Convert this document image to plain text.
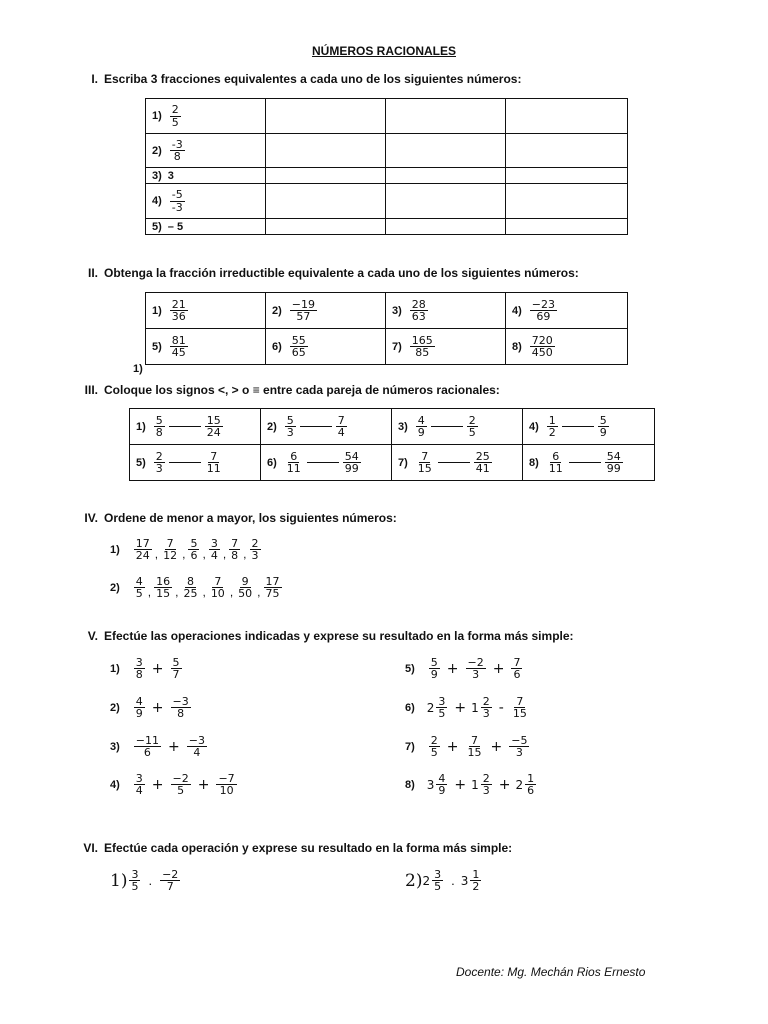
NÚMEROS RACIONALES
I. Escriba 3 fracciones equivalentes a cada uno de los siguientes números:
$1) \frac{2}{5}$

$2) \frac{-3}{8}$

3) 3			
$4) \frac{-5}{-3}$

5) – 5			
II. Obtenga la fracción irreductible equivalente a cada uno de los siguientes números:
$1) \frac{21}{36}$	$2) \frac{-19}{57}$	$3) \frac{28}{63}$	$4) \frac{-23}{69}$

$5) \frac{81}{45}$	$6) \frac{55}{65}$	$7) \frac{165}{85}$	$8) \frac{720}{450}$
1)
III. Coloque los signos <, > o ≡ entre cada pareja de números racionales:
$1) \frac{5}{8} \frac{15}{24}$	$2) \frac{5}{3} \frac{7}{4}$	$3) \frac{4}{9} \frac{2}{5}$	$4) \frac{1}{2} \frac{5}{9}$

$5) \frac{2}{3} \frac{7}{11}$	$6) \frac{6}{11} \frac{54}{99}$	$7) \frac{7}{15} \frac{25}{41}$	$8) \frac{6}{11} \frac{54}{99}$
IV. Ordene de menor a mayor, los siguientes números:
$1) \frac{17}{24}$ , $\frac{7}{12}$ , $\frac{5}{6}$ , $\frac{3}{4}$ , $\frac{7}{8}$ , $\frac{2}{3}$
$2) \frac{4}{5}$ , $\frac{16}{15}$ , $\frac{8}{25}$ , $\frac{7}{10}$ , $\frac{9}{50}$ , $\frac{17}{75}$
V. Efectúe las operaciones indicadas y exprese su resultado en la forma más simple:
$1) \frac{3}{8} + \frac{5}{7}$
$2) \frac{4}{9} + \frac{-3}{8}$
$3) \frac{-11}{6} + \frac{-3}{4}$
$4) \frac{3}{4} + \frac{-2}{5} + \frac{-7}{10}$
$5) \frac{5}{9} + \frac{-2}{3} + \frac{7}{6}$
6) $2 \frac{3}{5} + 1 \frac{2}{3} - \frac{7}{15}$
$7) \frac{2}{5} + \frac{7}{15} + \frac{-5}{3}$
8) $3 \frac{4}{9} + 1 \frac{2}{3} + 2 \frac{1}{6}$
VI. Efectúe cada operación y exprese su resultado en la forma más simple:
$1) \frac{3}{5}$ . $\frac{-2}{7}$	2) $2 \frac{3}{5}$ . $3 \frac{1}{2}$
Docente: Mg. Mechán Rios Ernesto
